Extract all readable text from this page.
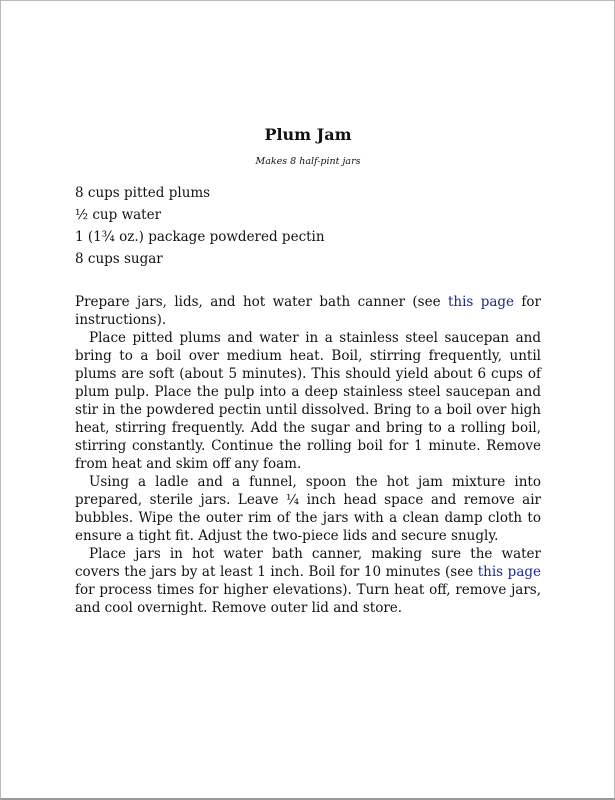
Plum Jam
Makes 8 half-pint jars
8 cups pitted plums
½ cup water
1 (1¾ oz.) package powdered pectin
8 cups sugar

Prepare jars, lids, and hot water bath canner (see this page for instructions).

Place pitted plums and water in a stainless steel saucepan and bring to a boil over medium heat. Boil, stirring frequently, until plums are soft (about 5 minutes). This should yield about 6 cups of plum pulp. Place the pulp into a deep stainless steel saucepan and stir in the powdered pectin until dissolved. Bring to a boil over high heat, stirring frequently. Add the sugar and bring to a rolling boil, stirring constantly. Continue the rolling boil for 1 minute. Remove from heat and skim off any foam.

Using a ladle and a funnel, spoon the hot jam mixture into prepared, sterile jars. Leave ¼ inch head space and remove air bubbles. Wipe the outer rim of the jars with a clean damp cloth to ensure a tight fit. Adjust the two-piece lids and secure snugly.

Place jars in hot water bath canner, making sure the water covers the jars by at least 1 inch. Boil for 10 minutes (see this page for process times for higher elevations). Turn heat off, remove jars, and cool overnight. Remove outer lid and store.
